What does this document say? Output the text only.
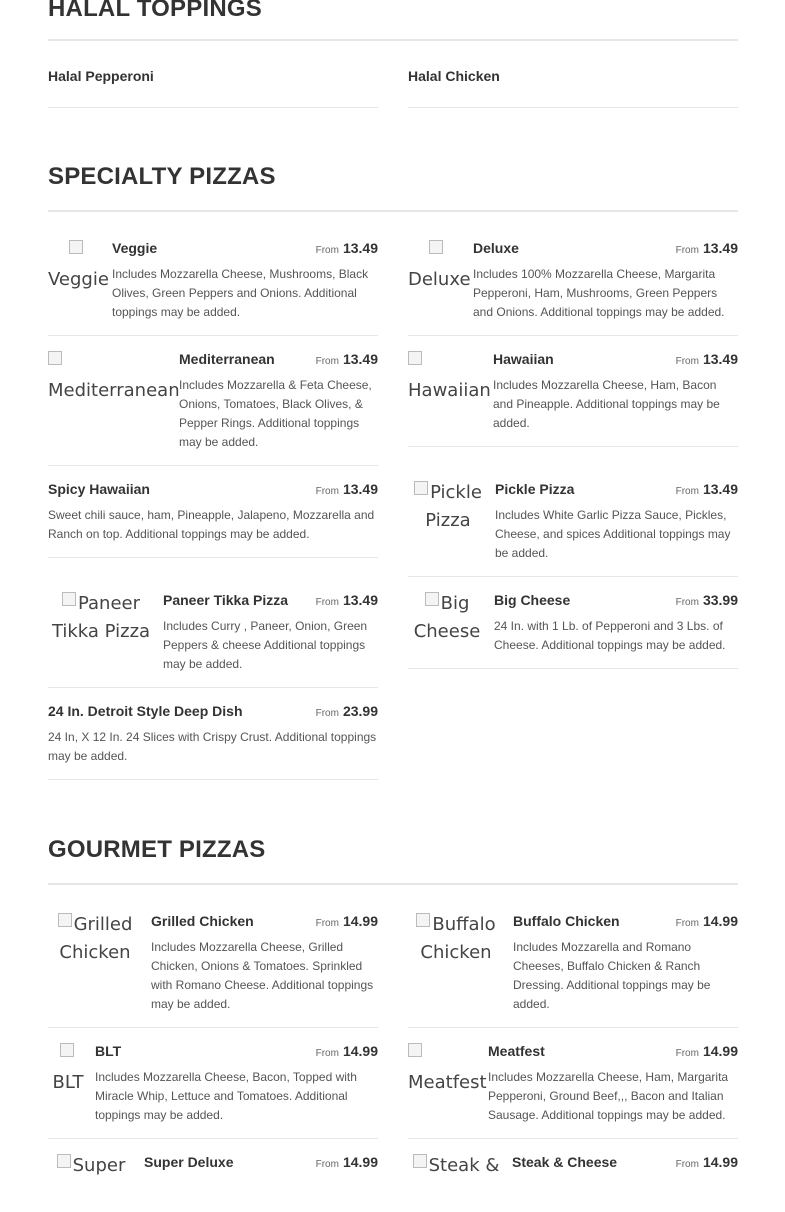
HALAL TOPPINGS
Halal Pepperoni	Halal Chicken
SPECIALTY PIZZAS
Veggie
Veggie	From 13.49
Includes Mozzarella Cheese, Mushrooms, Black Olives, Green Peppers and Onions. Additional toppings may be added.

Mediterranean
Mediterranean	From 13.49
Includes Mozzarella & Feta Cheese, Onions, Tomatoes, Black Olives, & Pepper Rings. Additional toppings may be added.
Spicy Hawaiian	From 13.49
Sweet chili sauce, ham, Pineapple, Jalapeno, Mozzarella and Ranch on top. Additional toppings may be added.
Paneer Tikka Pizza
Paneer Tikka Pizza	From 13.49
Includes Curry , Paneer, Onion, Green Peppers & cheese Additional toppings may be added.
24 In. Detroit Style Deep Dish	From 23.99
24 In, X 12 In. 24 Slices with Crispy Crust. Additional toppings may be added.
Deluxe
Deluxe	From 13.49
Includes 100% Mozzarella Cheese, Margarita Pepperoni, Ham, Mushrooms, Green Peppers and Onions. Additional toppings may be added.

Hawaiian
Hawaiian	From 13.49
Includes Mozzarella Cheese, Ham, Bacon and Pineapple. Additional toppings may be added.
Pickle Pizza
Pickle Pizza	From 13.49
Includes White Garlic Pizza Sauce, Pickles, Cheese, and spices Additional toppings may be added.
Big Cheese
Big Cheese	From 33.99
24 In. with 1 Lb. of Pepperoni and 3 Lbs. of Cheese. Additional toppings may be added.
GOURMET PIZZAS
Grilled Chicken
Grilled Chicken	From 14.99
Includes Mozzarella Cheese, Grilled Chicken, Onions & Tomatoes. Sprinkled with Romano Cheese. Additional toppings may be added.
BLT
BLT	From 14.99
Includes Mozzarella Cheese, Bacon, Topped with Miracle Whip, Lettuce and Tomatoes. Additional toppings may be added.
Super	Super Deluxe	From 14.99
Buffalo Chicken
Buffalo Chicken	From 14.99
Includes Mozzarella and Romano Cheeses, Buffalo Chicken & Ranch Dressing. Additional toppings may be added.

Meatfest
Meatfest	From 14.99
Includes Mozzarella Cheese, Ham, Margarita Pepperoni, Ground Beef,,, Bacon and Italian Sausage. Additional toppings may be added.
Steak & Steak & Cheese	From 14.99
